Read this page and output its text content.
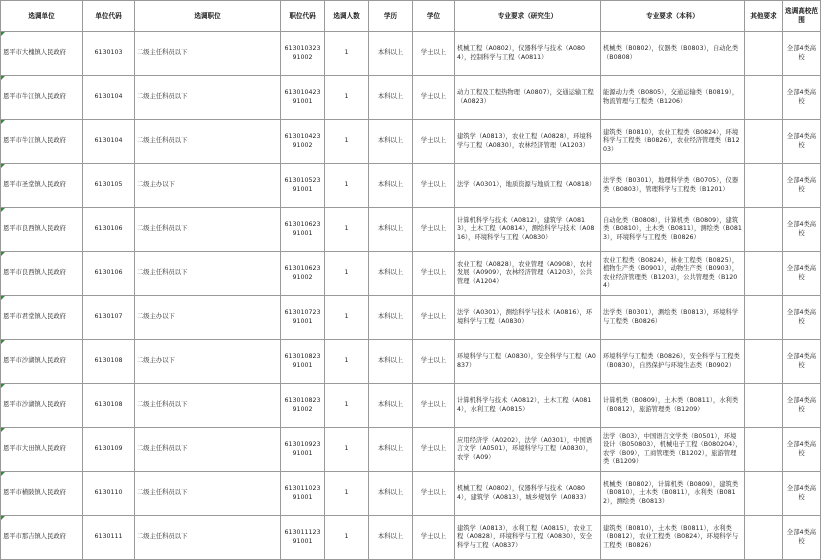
选调单位	单位代码	选调职位	职位代码	选调人数	学历	学位	专业要求（研究生）	专业要求（本科）	其他要求	选调高校范围

恩平市大槐镇人民政府	6130103	二级主任科员以下	61301032391002	1	本科以上	学士以上	机械工程（A0802），仪器科学与技术（A0804），控制科学与工程（A0811）	机械类（B0802），仪器类（B0803），自动化类（B0808）		全部4类高校

恩平市牛江镇人民政府	6130104	二级主任科员以下	61301042391001	1	本科以上	学士以上	动力工程及工程热物理（A0807），交通运输工程（A0823）	能源动力类（B0805），交通运输类（B0819），物流管理与工程类（B1206）		全部4类高校

恩平市牛江镇人民政府	6130104	二级主任科员以下	61301042391002	1	本科以上	学士以上	建筑学（A0813），农业工程（A0828），环境科学与工程（A0830），农林经济管理（A1203）	建筑类（B0810），农业工程类（B0824），环境科学与工程类（B0826），农业经济管理类（B1203）		全部4类高校

恩平市圣堂镇人民政府	6130105	二级主办以下	61301052391001	1	本科以上	学士以上	法学（A0301），地质资源与地质工程（A0818）	法学类（B0301），地理科学类（B0705），仪器类（B0803），管理科学与工程类（B1201）		全部4类高校

恩平市良西镇人民政府	6130106	二级主任科员以下	61301062391001	1	本科以上	学士以上	计算机科学与技术（A0812），建筑学（A0813），土木工程（A0814），测绘科学与技术（A0816），环境科学与工程（A0830）	自动化类（B0808），计算机类（B0809），建筑类（B0810），土木类（B0811），测绘类（B0813），环境科学与工程类（B0826）		全部4类高校

恩平市良西镇人民政府	6130106	二级主任科员以下	61301062391002	1	本科以上	学士以上	农业工程（A0828），农业管理（A0908），农村发展（A0909），农林经济管理（A1203），公共管理（A1204）	农业工程类（B0824），林业工程类（B0825），植物生产类（B0901），动物生产类（B0903），农业经济管理类（B1203），公共管理类（B1204）		全部4类高校

恩平市君堂镇人民政府	6130107	二级主办以下	61301072391001	1	本科以上	学士以上	法学（A0301），测绘科学与技术（A0816），环境科学与工程（A0830）	法学类（B0301），测绘类（B0813），环境科学与工程类（B0826）		全部4类高校

恩平市沙湖镇人民政府	6130108	二级主办以下	61301082391001	1	本科以上	学士以上	环境科学与工程（A0830），安全科学与工程（A0837）	环境科学与工程类（B0826），安全科学与工程类（B0830），自然保护与环境生态类（B0902）		全部4类高校

恩平市沙湖镇人民政府	6130108	二级主任科员以下	61301082391002	1	本科以上	学士以上	计算机科学与技术（A0812），土木工程（A0814），水利工程（A0815）	计算机类（B0809），土木类（B0811），水利类（B0812），旅游管理类（B1209）		全部4类高校

恩平市大田镇人民政府	6130109	二级主任科员以下	61301092391001	1	本科以上	学士以上	应用经济学（A0202），法学（A0301），中国语言文学（A0501），环境科学与工程（A0830），农学（A09）	法学（B03），中国语言文学类（B0501），环境设计（B050803），机械电子工程（B080204），农学（B09），工商管理类（B1202），旅游管理类（B1209）		全部4类高校

恩平市横陂镇人民政府	6130110	二级主任科员以下	61301102391001	1	本科以上	学士以上	机械工程（A0802），仪器科学与技术（A0804），建筑学（A0813），城乡规划学（A0833）	机械类（B0802），计算机类（B0809），建筑类（B0810），土木类（B0811），水利类（B0812），测绘类（B0813）		全部4类高校

恩平市那吉镇人民政府	6130111	二级主任科员以下	61301112391001	1	本科以上	学士以上	建筑学（A0813），水利工程（A0815），农业工程（A0828），环境科学与工程（A0830），安全科学与工程（A0837）	建筑类（B0810），土木类（B0811），水利类（B0812），农业工程类（B0824），环境科学与工程类（B0826）		全部4类高校
